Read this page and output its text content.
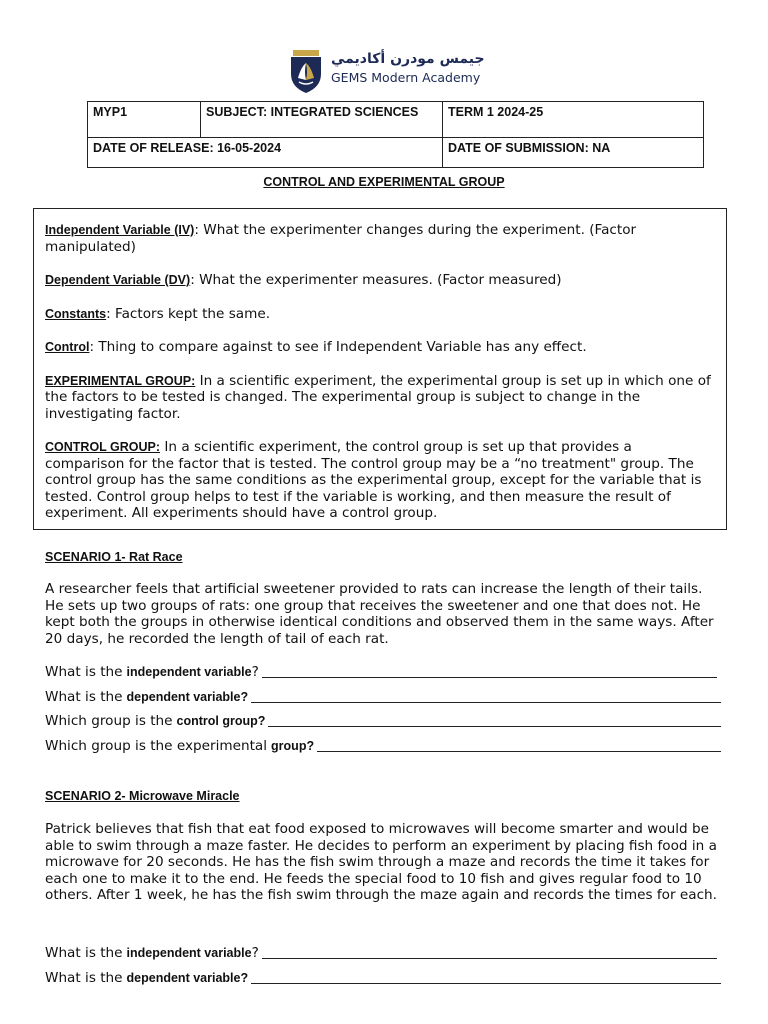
جيمس مودرن أكاديمي
GEMS Modern Academy
MYP1	SUBJECT: INTEGRATED SCIENCES	TERM 1 2024-25
DATE OF RELEASE: 16-05-2024		DATE OF SUBMISSION: NA
CONTROL AND EXPERIMENTAL GROUP

Independent Variable (IV): What the experimenter changes during the experiment. (Factor manipulated)

Dependent Variable (DV): What the experimenter measures. (Factor measured)

Constants: Factors kept the same.

Control: Thing to compare against to see if Independent Variable has any effect.

EXPERIMENTAL GROUP: In a scientific experiment, the experimental group is set up in which one of the factors to be tested is changed. The experimental group is subject to change in the investigating factor.

CONTROL GROUP: In a scientific experiment, the control group is set up that provides a comparison for the factor that is tested. The control group may be a “no treatment" group. The control group has the same conditions as the experimental group, except for the variable that is tested. Control group helps to test if the variable is working, and then measure the result of experiment. All experiments should have a control group.

SCENARIO 1- Rat Race
A researcher feels that artificial sweetener provided to rats can increase the length of their tails. He sets up two groups of rats: one group that receives the sweetener and one that does not. He kept both the groups in otherwise identical conditions and observed them in the same ways. After 20 days, he recorded the length of tail of each rat.
What is the independent variable ?
What is the dependent variable?
Which group is the control group?
Which group is the experimental group?
SCENARIO 2- Microwave Miracle
Patrick believes that fish that eat food exposed to microwaves will become smarter and would be able to swim through a maze faster. He decides to perform an experiment by placing fish food in a microwave for 20 seconds. He has the fish swim through a maze and records the time it takes for each one to make it to the end. He feeds the special food to 10 fish and gives regular food to 10 others. After 1 week, he has the fish swim through the maze again and records the times for each.
What is the independent variable ?
What is the dependent variable?
